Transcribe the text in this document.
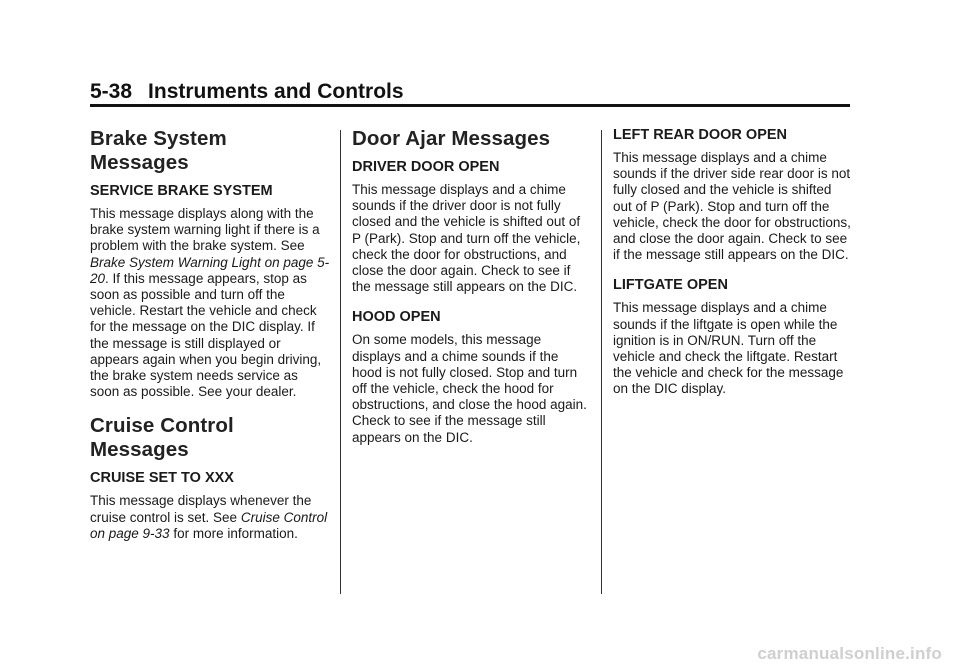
5-38 Instruments and Controls
Brake System Messages
SERVICE BRAKE SYSTEM

This message displays along with the brake system warning light if there is a problem with the brake system. See Brake System Warning Light on page 5-20. If this message appears, stop as soon as possible and turn off the vehicle. Restart the vehicle and check for the message on the DIC display. If the message is still displayed or appears again when you begin driving, the brake system needs service as soon as possible. See your dealer.

Cruise Control Messages
CRUISE SET TO XXX

This message displays whenever the cruise control is set. See Cruise Control on page 9-33 for more information.

Door Ajar Messages
DRIVER DOOR OPEN

This message displays and a chime sounds if the driver door is not fully closed and the vehicle is shifted out of P (Park). Stop and turn off the vehicle, check the door for obstructions, and close the door again. Check to see if the message still appears on the DIC.

HOOD OPEN

On some models, this message displays and a chime sounds if the hood is not fully closed. Stop and turn off the vehicle, check the hood for obstructions, and close the hood again. Check to see if the message still appears on the DIC.

LEFT REAR DOOR OPEN

This message displays and a chime sounds if the driver side rear door is not fully closed and the vehicle is shifted out of P (Park). Stop and turn off the vehicle, check the door for obstructions, and close the door again. Check to see if the message still appears on the DIC.

LIFTGATE OPEN

This message displays and a chime sounds if the liftgate is open while the ignition is in ON/RUN. Turn off the vehicle and check the liftgate. Restart the vehicle and check for the message on the DIC display.

carmanualsonline.info
